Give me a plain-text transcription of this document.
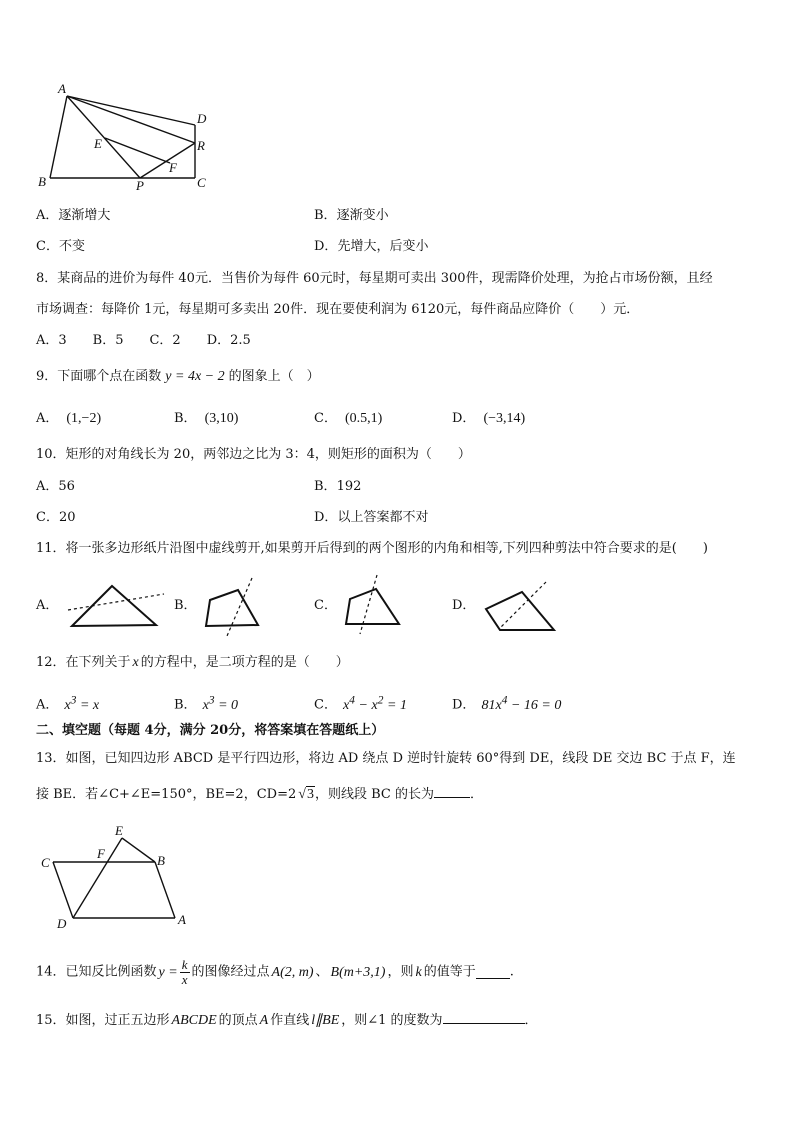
A
B	C
D
E
F
P
R
A．逐渐增大	B．逐渐变小
C．不变	D．先增大，后变小
8．某商品的进价为每件 40元．当售价为每件 60元时，每星期可卖出 300件，现需降价处理，为抢占市场份额，且经
市场调查：每降价 1元，每星期可多卖出 20件．现在要使利润为 6120元，每件商品应降价（　　）元．
A．3　　B．5　　C．2　　D．2.5
9．下面哪个点在函数 y = 4x − 2 的图象上（　）
A． (1,−2)	B． (3,10)	C． (0.5,1)	D． (−3,14)
10．矩形的对角线长为 20，两邻边之比为 3：4，则矩形的面积为（　　）
A．56	B．192
C．20	D．以上答案都不对
11．将一张多边形纸片沿图中虚线剪开,如果剪开后得到的两个图形的内角和相等,下列四种剪法中符合要求的是(　　)
A．	B．	C．	D．
12．在下列关于 x 的方程中，是二项方程的是（　　）
A． $x^3 = x$	B． $x^3 = 0$	C． $x^4 - x^2 = 1$	D． $81x^4 - 16 = 0$
二、填空题（每题 4分，满分 20分，将答案填在答题纸上）
13．如图，已知四边形 ABCD 是平行四边形，将边 AD 绕点 D 逆时针旋转 60°得到 DE，线段 DE 交边 BC 于点 F，连
接 BE．若∠C+∠E=150°，BE=2，CD=2 √3，则线段 BC 的长为	．
E
C
F	B
D	A
14．已知反比例函数 $y = \frac{k}{x}$ 的图像经过点 A(2, m) 、 B(m+3,1) ，则 k 的值等于	.
15．如图，过正五边形 ABCDE 的顶点 A 作直线 l∥BE ，则∠1 的度数为	．
